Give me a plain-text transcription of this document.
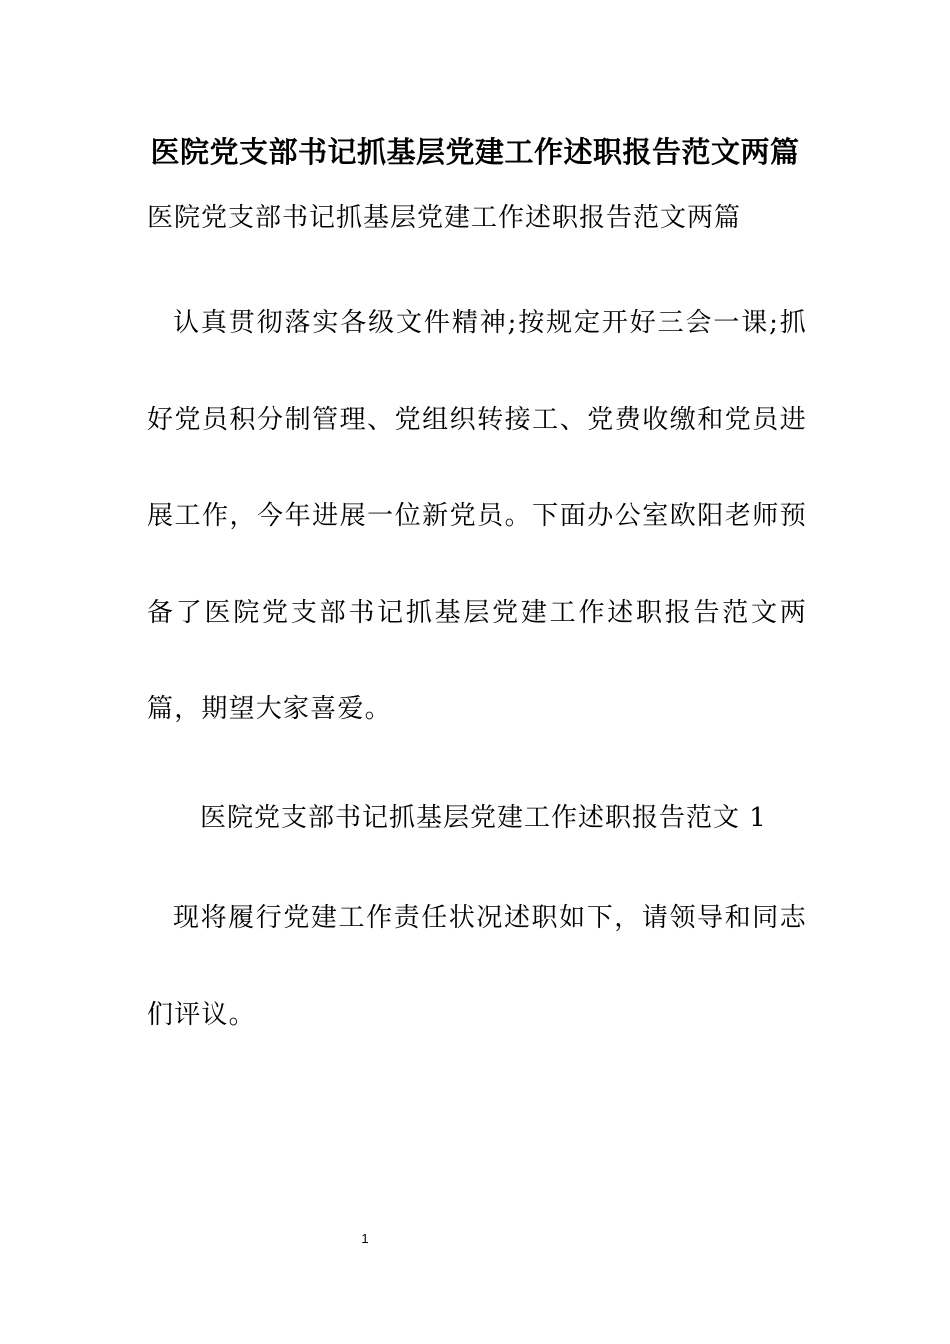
医院党支部书记抓基层党建工作述职报告范文两篇
医院党支部书记抓基层党建工作述职报告范文两篇
认真贯彻落实各级文件精神;按规定开好三会一课;抓好党员积分制管理、党组织转接工、党费收缴和党员进展工作，今年进展一位新党员。下面办公室欧阳老师预备了医院党支部书记抓基层党建工作述职报告范文两篇，期望大家喜爱。
医院党支部书记抓基层党建工作述职报告范文 1
现将履行党建工作责任状况述职如下，请领导和同志们评议。
1
